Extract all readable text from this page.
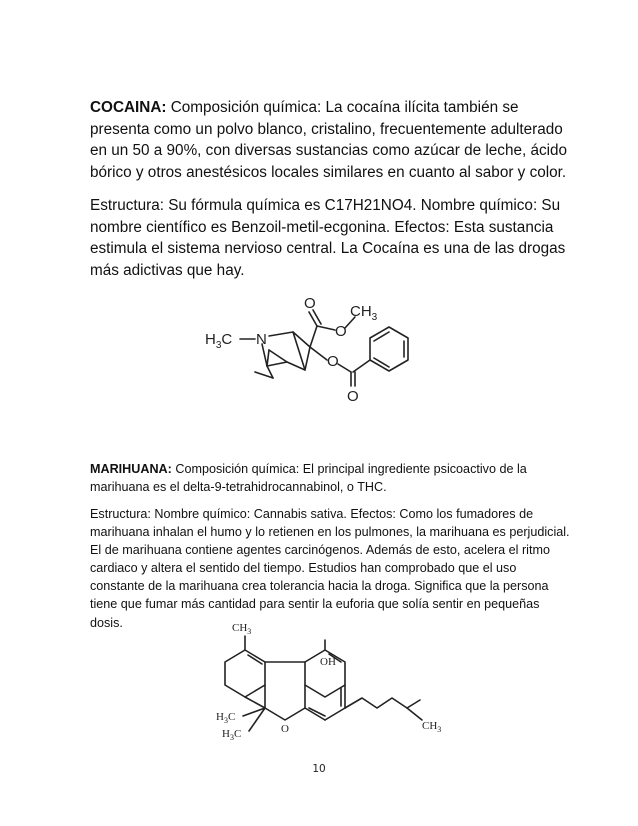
COCAINA: Composición química: La cocaína ilícita también se presenta como un polvo blanco, cristalino, frecuentemente adulterado en un 50 a 90%, con diversas sustancias como azúcar de leche, ácido bórico y otros anestésicos locales similares en cuanto al sabor y color.

Estructura: Su fórmula química es C17H21NO4. Nombre químico: Su nombre científico es Benzoil-metil-ecgonina. Efectos: Esta sustancia estimula el sistema nervioso central. La Cocaína es una de las drogas más adictivas que hay.

$H_3C$ N
O
O
$CH_3$
O
O

MARIHUANA: Composición química: El principal ingrediente psicoactivo de la marihuana es el delta-9-tetrahidrocannabinol, o THC.

Estructura: Nombre químico: Cannabis sativa. Efectos: Como los fumadores de marihuana inhalan el humo y lo retienen en los pulmones, la marihuana es perjudicial. El de marihuana contiene agentes carcinógenos. Además de esto, acelera el ritmo cardiaco y altera el sentido del tiempo. Estudios han comprobado que el uso constante de la marihuana crea tolerancia hacia la droga. Significa que la persona tiene que fumar más cantidad para sentir la euforia que solía sentir en pequeñas dosis.	$CH_3$
O
OH
$CH_3$
$H_3C$
$H_3C$
10
